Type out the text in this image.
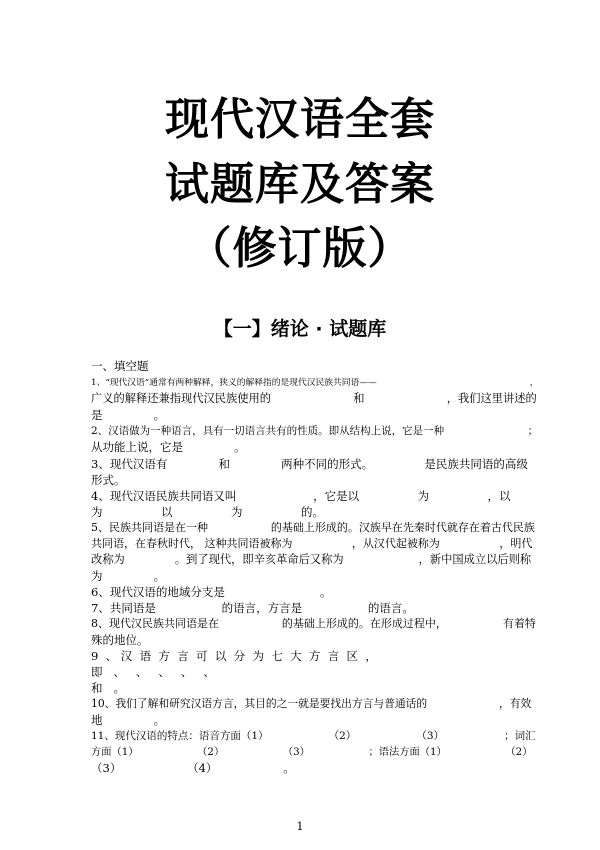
现代汉语全套
试题库及答案
（修订版）
【一】绪论 · 试题库
一、填空题
1、“现代汉语”通常有两种解释，狭义的解释指的是现代汉民族共同语——                                                       ，
广义的解释还兼指现代汉民族使用的                       和                       ，我们这里讲述的
是              。
2、汉语做为一种语言，具有一切语言共有的性质。即从结构上说，它是一种                         ；
从功能上说，它是              。
3、现代汉语有              和              两种不同的形式。              是民族共同语的高级
形式。
4、现代汉语民族共同语又叫                     ，它是以                为                ，以
为                以                为                的。
5、民族共同语是在一种                  的基础上形成的。汉族早在先秦时代就存在着古代民族
共同语，在春秋时代， 这种共同语被称为                 ，从汉代起被称为                 ，明代
改称为              。到了现代，即辛亥革命后又称为                     ，新中国成立以后则称
为              。
6、现代汉语的地域分支是                          。
7、共同语是                  的语言，方言是                  的语言。
8、现代汉民族共同语是在                  的基础上形成的。在形成过程中，                有着特
殊的地位。
9  、 汉  语  方  言  可  以  分  为  七  大  方  言  区  ，
即   、   、   、   、   、
和   。
10、我们了解和研究汉语方言，其目的之一就是要找出方言与普通话的                     ，有效
地              。
11、现代汉语的特点：语音方面（1）                  （2）                  （3）                  ；词汇
方面（1）                  （2）                  （3）                  ；语法方面（1）                  （2）
（3）                  （4）                  。
1
